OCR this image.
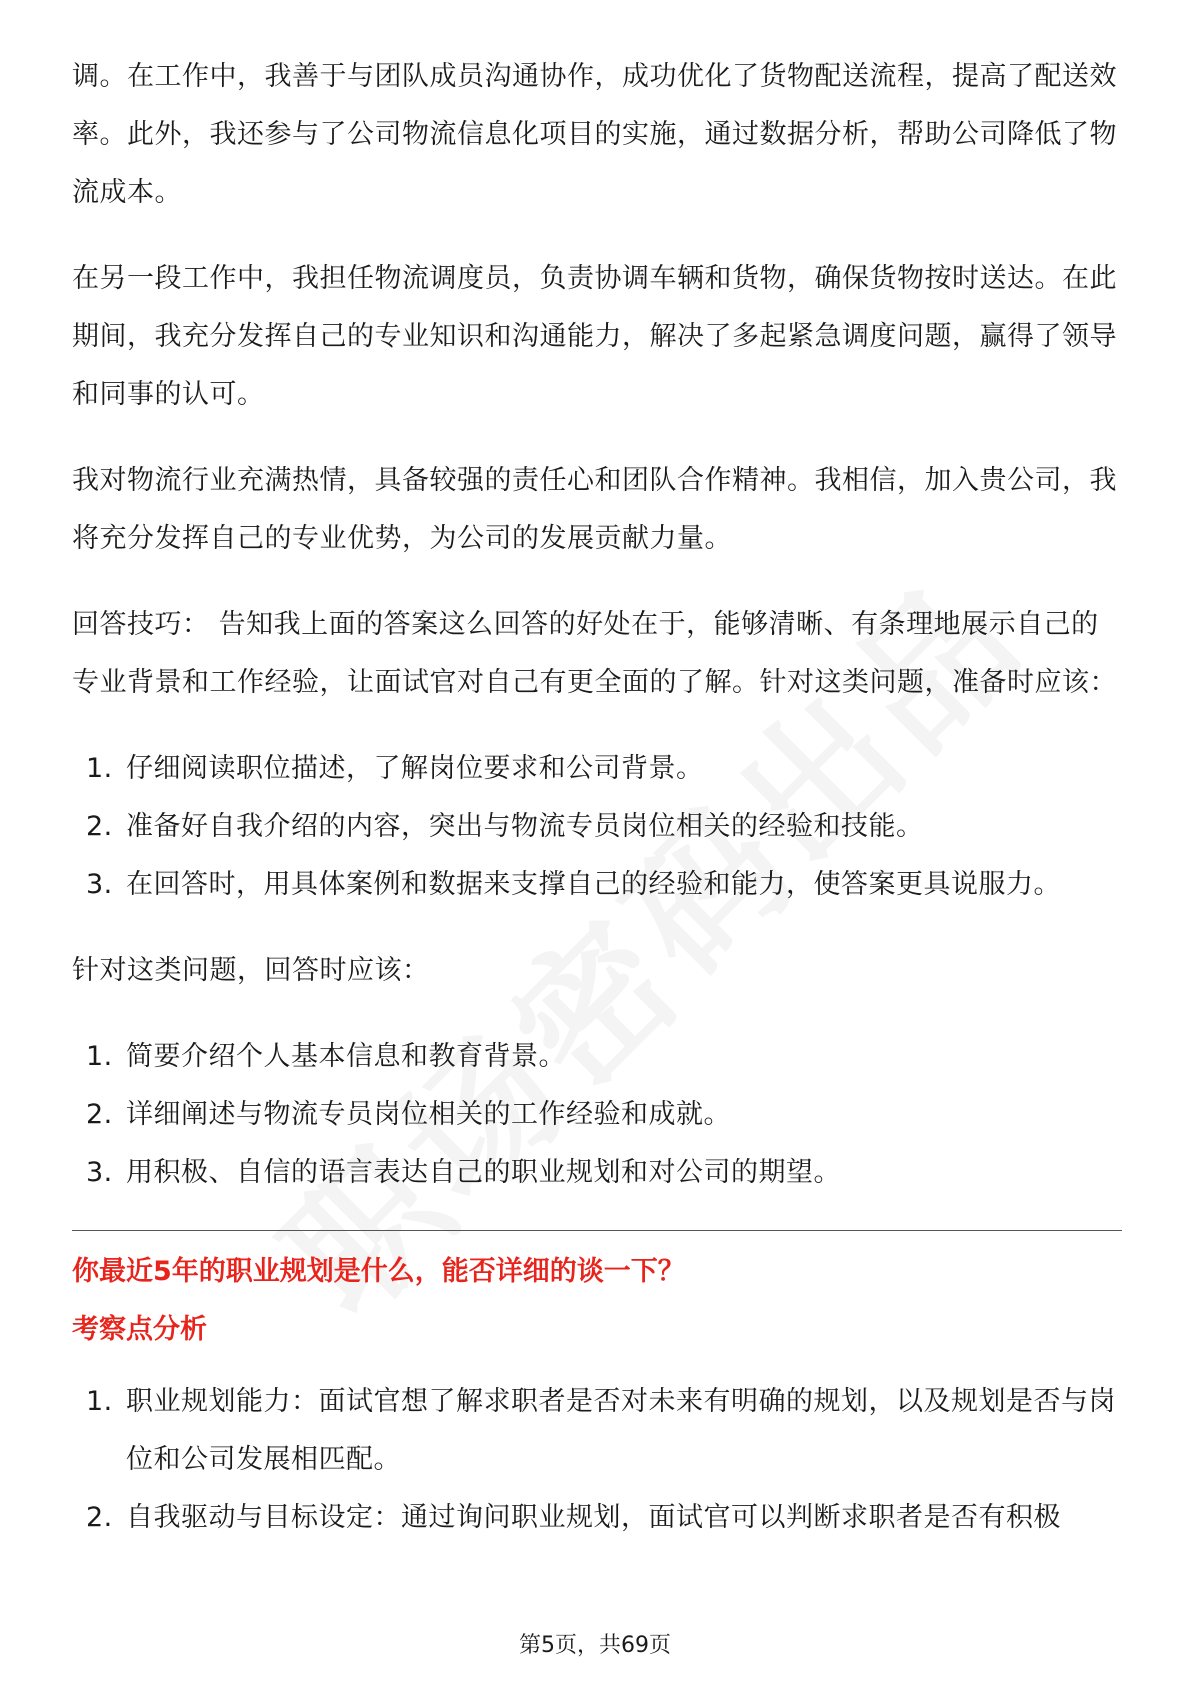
调。在工作中，我善于与团队成员沟通协作，成功优化了货物配送流程，提高了配送效率。此外，我还参与了公司物流信息化项目的实施，通过数据分析，帮助公司降低了物流成本。

在另一段工作中，我担任物流调度员，负责协调车辆和货物，确保货物按时送达。在此期间，我充分发挥自己的专业知识和沟通能力，解决了多起紧急调度问题，赢得了领导和同事的认可。

我对物流行业充满热情，具备较强的责任心和团队合作精神。我相信，加入贵公司，我将充分发挥自己的专业优势，为公司的发展贡献力量。

回答技巧： 告知我上面的答案这么回答的好处在于，能够清晰、有条理地展示自己的专业背景和工作经验，让面试官对自己有更全面的了解。针对这类问题，准备时应该：

1. 仔细阅读职位描述，了解岗位要求和公司背景。
2. 准备好自我介绍的内容，突出与物流专员岗位相关的经验和技能。
3. 在回答时，用具体案例和数据来支撑自己的经验和能力，使答案更具说服力。

针对这类问题，回答时应该：

1. 简要介绍个人基本信息和教育背景。
2. 详细阐述与物流专员岗位相关的工作经验和成就。
3. 用积极、自信的语言表达自己的职业规划和对公司的期望。
你最近5年的职业规划是什么，能否详细的谈一下？
考察点分析
1. 职业规划能力：面试官想了解求职者是否对未来有明确的规划，以及规划是否与岗位和公司发展相匹配。
2. 自我驱动与目标设定：通过询问职业规划，面试官可以判断求职者是否有积极
第5页，共69页
